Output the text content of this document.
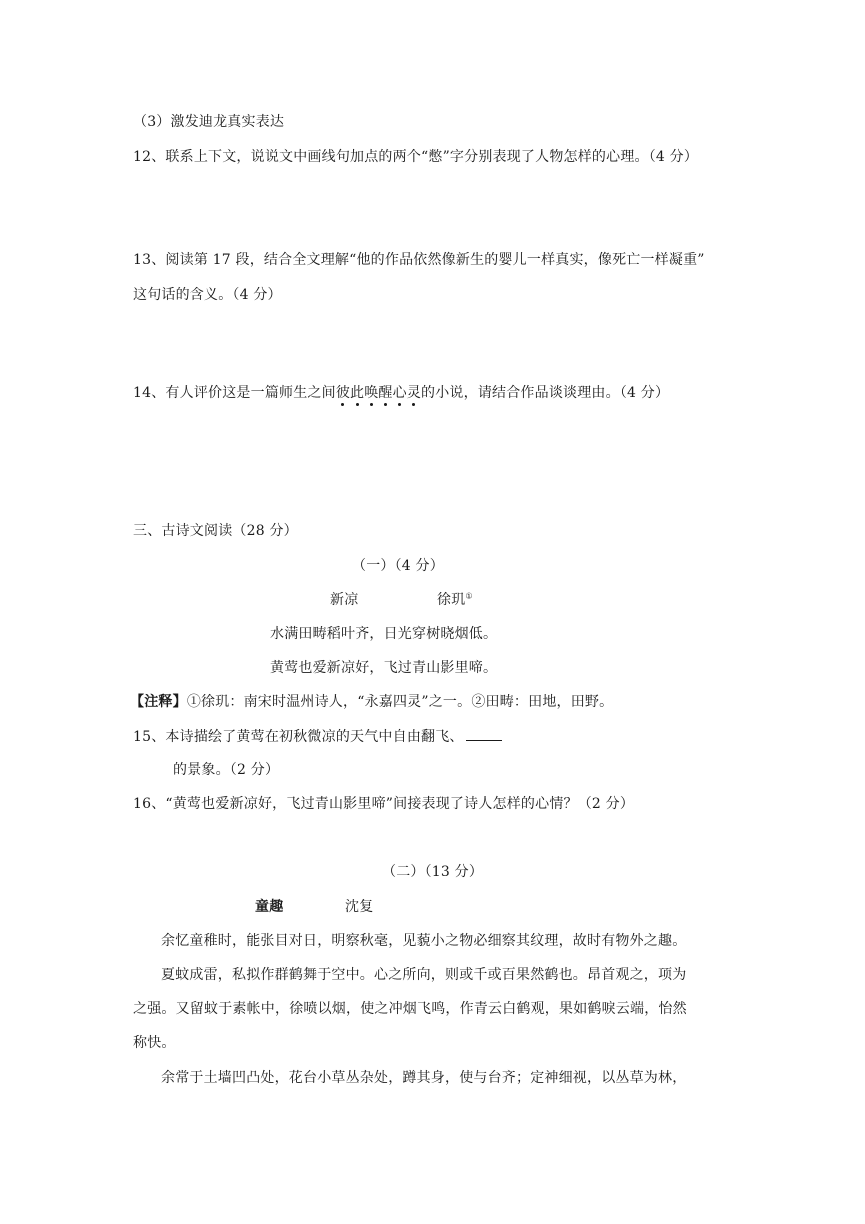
（3）激发迪龙真实表达
12、联系上下文，说说文中画线句加点的两个“憋”字分别表现了人物怎样的心理。（4 分）
13、阅读第 17 段，结合全文理解“他的作品依然像新生的婴儿一样真实，像死亡一样凝重”
这句话的含义。（4 分）
14、有人评价这是一篇师生之间彼此唤醒心灵
的小说，请结合作品谈谈理由。（4 分）
三、古诗文阅读（28 分）
（一）（4 分）
新凉	徐玑①
水满田畴稻叶齐，日光穿树晓烟低。
黄莺也爱新凉好，飞过青山影里啼。
【注释】①徐玑：南宋时温州诗人，“永嘉四灵”之一。②田畴：田地，田野。
15、本诗描绘了黄莺在初秋微凉的天气中自由翻飞、
的景象。（2 分）
16、“黄莺也爱新凉好，飞过青山影里啼”间接表现了诗人怎样的心情？（2 分）
（二）（13 分）
童趣	沈复
余忆童稚时，能张目对日，明察秋毫，见藐小之物必细察其纹理，故时有物外之趣。
夏蚊成雷，私拟作群鹤舞于空中。心之所向，则或千或百果然鹤也。昂首观之，项为
之强。又留蚊于素帐中，徐喷以烟，使之冲烟飞鸣，作青云白鹤观，果如鹤唳云端，怡然
称快。
余常于土墙凹凸处，花台小草丛杂处，蹲其身，使与台齐；定神细视，以丛草为林，
